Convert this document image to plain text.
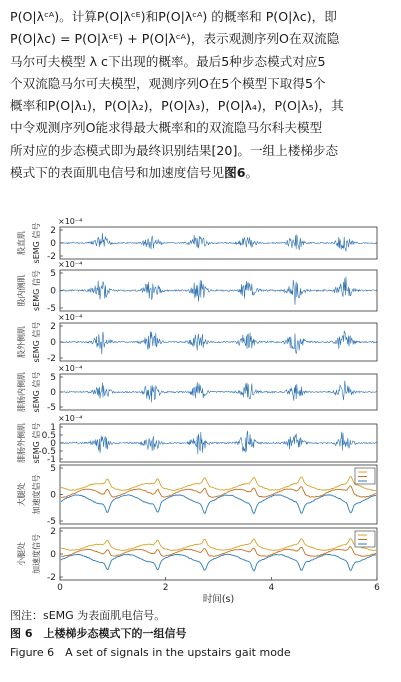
P(O|λᶜᴬ)。计算P(O|λᶜᴱ)和P(O|λᶜᴬ) 的概率和 P(O|λc)，即

P(O|λc) = P(O|λᶜᴱ) + P(O|λᶜᴬ)，表示观测序列O在双流隐

马尔可夫模型 λ c下出现的概率。最后5种步态模式对应5

个双流隐马尔可夫模型，观测序列O在5个模型下取得5个

概率和P(O|λ₁)，P(O|λ₂)，P(O|λ₃)，P(O|λ₄)，P(O|λ₅)，其

中令观测序列O能求得最大概率和的双流隐马尔科夫模型

所对应的步态模式即为最终识别结果[20]。一组上楼梯步态

模式下的表面肌电信号和加速度信号见图6。

2
0
-2
×10⁻⁴
sEMG 信号
股直肌
5
0
-5
×10⁻⁴
sEMG 信号
股内侧肌
2
0
-2
×10⁻⁴
sEMG 信号
股外侧肌
5
0
-5
×10⁻⁴
sEMG 信号
腓肠内侧肌
1
0.5
0
-0.5
-1
×10⁻⁴
sEMG 信号
腓肠外侧肌
5
0
-5
加速度信号
大腿处
2
0
-2
加速度信号
小腿处
0	2	4	6
时间(s)
图注：sEMG 为表面肌电信号。
图 6　上楼梯步态模式下的一组信号
Figure 6　A set of signals in the upstairs gait mode
